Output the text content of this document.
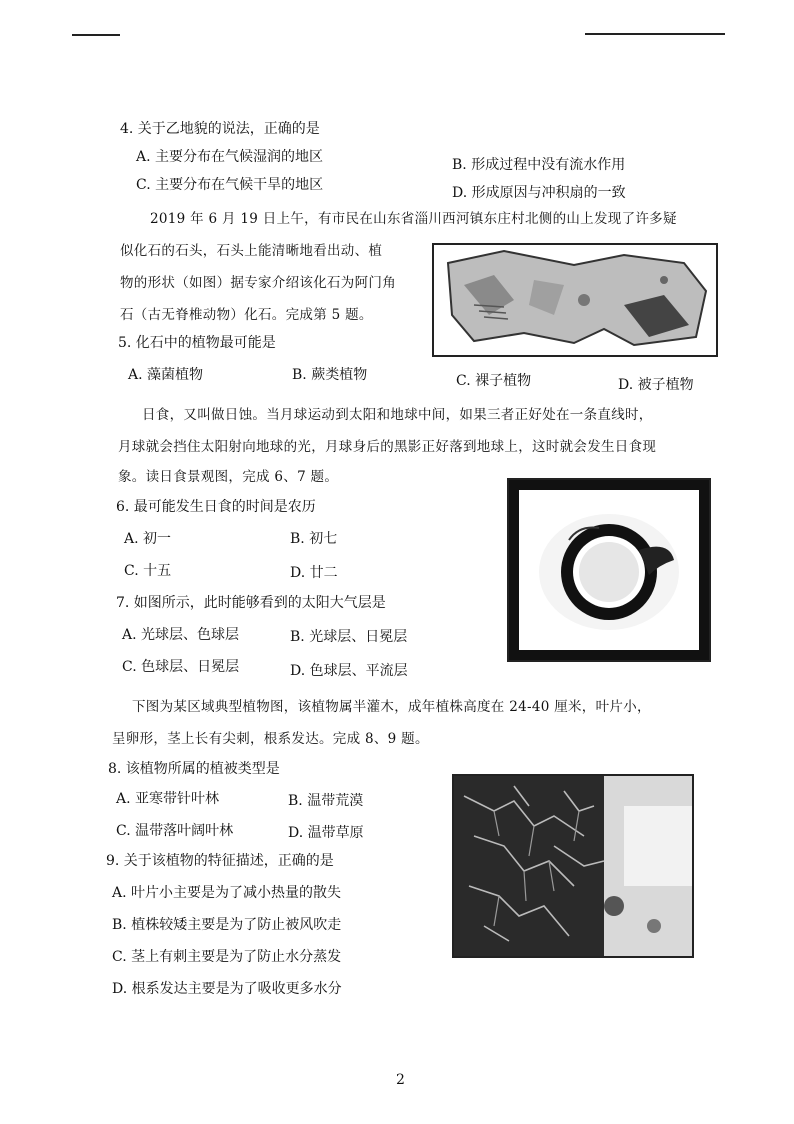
4. 关于乙地貌的说法，正确的是
A. 主要分布在气候湿润的地区	B. 形成过程中没有流水作用
C. 主要分布在气候干旱的地区	D. 形成原因与冲积扇的一致
2019 年 6 月 19 日上午，有市民在山东省淄川西河镇东庄村北侧的山上发现了许多疑
似化石的石头，石头上能清晰地看出动、植
物的形状（如图）据专家介绍该化石为阿门角
石（古无脊椎动物）化石。完成第 5 题。
5. 化石中的植物最可能是
A. 藻菌植物	B. 蕨类植物	C. 裸子植物	D. 被子植物
日食，又叫做日蚀。当月球运动到太阳和地球中间，如果三者正好处在一条直线时，
月球就会挡住太阳射向地球的光，月球身后的黑影正好落到地球上，这时就会发生日食现
象。读日食景观图，完成 6、7 题。
6. 最可能发生日食的时间是农历
A. 初一	B. 初七
C. 十五	D. 廿二
7. 如图所示，此时能够看到的太阳大气层是
A. 光球层、色球层	B. 光球层、日冕层
C. 色球层、日冕层	D. 色球层、平流层
下图为某区域典型植物图，该植物属半灌木，成年植株高度在 24-40 厘米，叶片小，
呈卵形，茎上长有尖刺，根系发达。完成 8、9 题。
8. 该植物所属的植被类型是
A. 亚寒带针叶林	B. 温带荒漠
C. 温带落叶阔叶林	D. 温带草原
9. 关于该植物的特征描述，正确的是
A. 叶片小主要是为了减小热量的散失
B. 植株较矮主要是为了防止被风吹走
C. 茎上有刺主要是为了防止水分蒸发
D. 根系发达主要是为了吸收更多水分
2
